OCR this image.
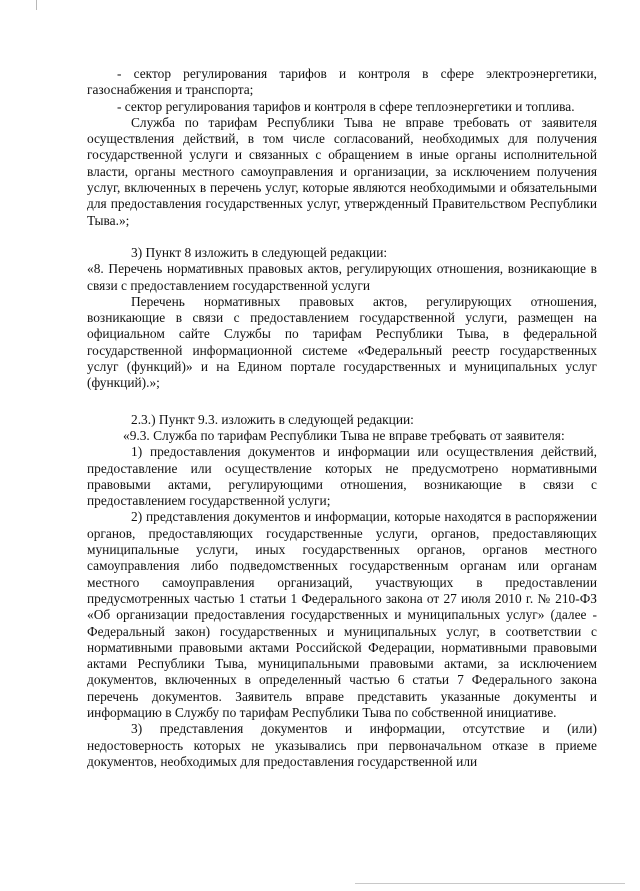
- сектор регулирования тарифов и контроля в сфере электроэнергетики, газоснабжения и транспорта;

- сектор регулирования тарифов и контроля в сфере теплоэнергетики и топлива.

Служба по тарифам Республики Тыва не вправе требовать от заявителя осуществления действий, в том числе согласований, необходимых для получения государственной услуги и связанных с обращением в иные органы исполнительной власти, органы местного самоуправления и организации, за исключением получения услуг, включенных в перечень услуг, которые являются необходимыми и обязательными для предоставления государственных услуг, утвержденный Правительством Республики Тыва.»;

3) Пункт 8 изложить в следующей редакции:

«8. Перечень нормативных правовых актов, регулирующих отношения, возникающие в связи с предоставлением государственной услуги

Перечень нормативных правовых актов, регулирующих отношения, возникающие в связи с предоставлением государственной услуги, размещен на официальном сайте Службы по тарифам Республики Тыва, в федеральной государственной информационной системе «Федеральный реестр государственных услуг (функций)» и на Едином портале государственных и муниципальных услуг (функций).»;

2.3.) Пункт 9.3. изложить в следующей редакции:

«9.3. Служба по тарифам Республики Тыва не вправе требовать от заявителя:

1) предоставления документов и информации или осуществления действий, предоставление или осуществление которых не предусмотрено нормативными правовыми актами, регулирующими отношения, возникающие в связи с предоставлением государственной услуги;

2) представления документов и информации, которые находятся в распоряжении органов, предоставляющих государственные услуги, органов, предоставляющих муниципальные услуги, иных государственных органов, органов местного самоуправления либо подведомственных государственным органам или органам местного самоуправления организаций, участвующих в предоставлении предусмотренных частью 1 статьи 1 Федерального закона от 27 июля 2010 г. № 210-ФЗ «Об организации предоставления государственных и муниципальных услуг» (далее - Федеральный закон) государственных и муниципальных услуг, в соответствии с нормативными правовыми актами Российской Федерации, нормативными правовыми актами Республики Тыва, муниципальными правовыми актами, за исключением документов, включенных в определенный частью 6 статьи 7 Федерального закона перечень документов. Заявитель вправе представить указанные документы и информацию в Службу по тарифам Республики Тыва по собственной инициативе.

3) представления документов и информации, отсутствие и (или) недостоверность которых не указывались при первоначальном отказе в приеме документов, необходимых для предоставления государственной или
